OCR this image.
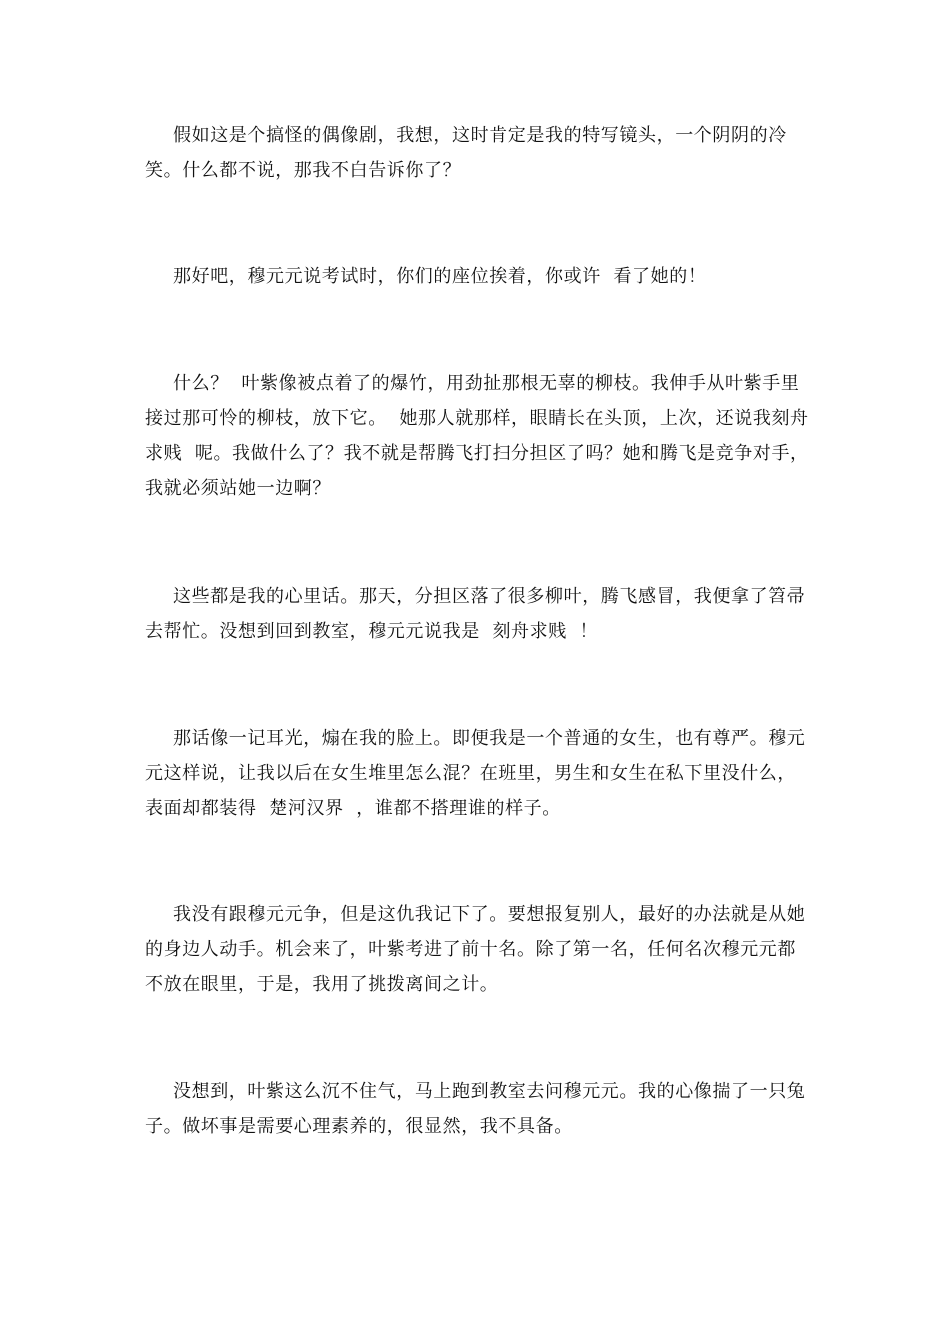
假如这是个搞怪的偶像剧，我想，这时肯定是我的特写镜头，一个阴阴的冷笑。什么都不说，那我不白告诉你了？

那好吧，穆元元说考试时，你们的座位挨着，你或许  看了她的！

什么？  叶紫像被点着了的爆竹，用劲扯那根无辜的柳枝。我伸手从叶紫手里接过那可怜的柳枝，放下它。  她那人就那样，眼睛长在头顶，上次，还说我刻舟求贱  呢。我做什么了？我不就是帮腾飞打扫分担区了吗？她和腾飞是竞争对手，我就必须站她一边啊？

这些都是我的心里话。那天，分担区落了很多柳叶，腾飞感冒，我便拿了笤帚去帮忙。没想到回到教室，穆元元说我是  刻舟求贱  ！

那话像一记耳光，煽在我的脸上。即便我是一个普通的女生，也有尊严。穆元元这样说，让我以后在女生堆里怎么混？在班里，男生和女生在私下里没什么，表面却都装得  楚河汉界  ，谁都不搭理谁的样子。

我没有跟穆元元争，但是这仇我记下了。要想报复别人，最好的办法就是从她的身边人动手。机会来了，叶紫考进了前十名。除了第一名，任何名次穆元元都不放在眼里，于是，我用了挑拨离间之计。

没想到，叶紫这么沉不住气，马上跑到教室去问穆元元。我的心像揣了一只兔子。做坏事是需要心理素养的，很显然，我不具备。
